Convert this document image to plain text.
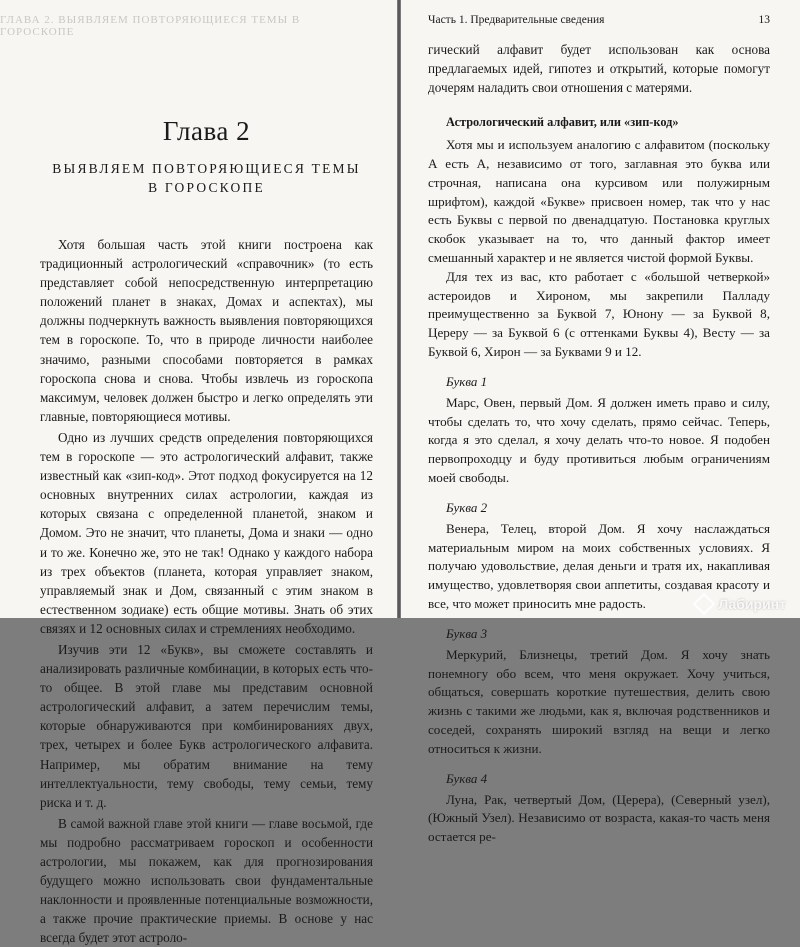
ГЛАВА 2. ВЫЯВЛЯЕМ ПОВТОРЯЮЩИЕСЯ ТЕМЫ В ГОРОСКОПЕ
Глава 2
ВЫЯВЛЯЕМ ПОВТОРЯЮЩИЕСЯ ТЕМЫ В ГОРОСКОПЕ

Хотя большая часть этой книги построена как традиционный астрологический «справочник» (то есть представляет собой непосредственную интерпретацию положений планет в знаках, Домах и аспектах), мы должны подчеркнуть важность выявления повторяющихся тем в гороскопе. То, что в природе личности наиболее значимо, разными способами повторяется в рамках гороскопа снова и снова. Чтобы извлечь из гороскопа максимум, человек должен быстро и легко определять эти главные, повторяющиеся мотивы.

Одно из лучших средств определения повторяющихся тем в гороскопе — это астрологический алфавит, также известный как «зип-код». Этот подход фокусируется на 12 основных внутренних силах астрологии, каждая из которых связана с определенной планетой, знаком и Домом. Это не значит, что планеты, Дома и знаки — одно и то же. Конечно же, это не так! Однако у каждого набора из трех объектов (планета, которая управляет знаком, управляемый знак и Дом, связанный с этим знаком в естественном зодиаке) есть общие мотивы. Знать об этих связях и 12 основных силах и стремлениях необходимо.

Изучив эти 12 «Букв», вы сможете составлять и анализировать различные комбинации, в которых есть что-то общее. В этой главе мы представим основной астрологический алфавит, а затем перечислим темы, которые обнаруживаются при комбинированиях двух, трех, четырех и более Букв астрологического алфавита. Например, мы обратим внимание на тему интеллектуальности, тему свободы, тему семьи, тему риска и т. д.

В самой важной главе этой книги — главе восьмой, где мы подробно рассматриваем гороскоп и особенности астрологии, мы покажем, как для прогнозирования будущего можно использовать свои фундаментальные наклонности и проявленные потенциальные возможности, а также прочие практические приемы. В основе у нас всегда будет этот астроло-

Часть 1. Предварительные сведения	13

гический алфавит будет использован как основа предлагаемых идей, гипотез и открытий, которые помогут дочерям наладить свои отношения с матерями.

Астрологический алфавит, или «зип-код»

Хотя мы и используем аналогию с алфавитом (поскольку А есть А, независимо от того, заглавная это буква или строчная, написана она курсивом или полужирным шрифтом), каждой «Букве» присвоен номер, так что у нас есть Буквы с первой по двенадцатую. Постановка круглых скобок указывает на то, что данный фактор имеет смешанный характер и не является чистой формой Буквы.

Для тех из вас, кто работает с «большой четверкой» астероидов и Хироном, мы закрепили Палладу преимущественно за Буквой 7, Юнону — за Буквой 8, Цереру — за Буквой 6 (с оттенками Буквы 4), Весту — за Буквой 6, Хирон — за Буквами 9 и 12.

Буква 1

Марс, Овен, первый Дом. Я должен иметь право и силу, чтобы сделать то, что хочу сделать, прямо сейчас. Теперь, когда я это сделал, я хочу делать что-то новое. Я подобен первопроходцу и буду противиться любым ограничениям моей свободы.

Буква 2

Венера, Телец, второй Дом. Я хочу наслаждаться материальным миром на моих собственных условиях. Я получаю удовольствие, делая деньги и тратя их, накапливая имущество, удовлетворяя свои аппетиты, создавая красоту и все, что может приносить мне радость.

Буква 3

Меркурий, Близнецы, третий Дом. Я хочу знать понемногу обо всем, что меня окружает. Хочу учиться, общаться, совершать короткие путешествия, делить свою жизнь с такими же людьми, как я, включая родственников и соседей, сохранять широкий взгляд на вещи и легко относиться к жизни.

Буква 4

Луна, Рак, четвертый Дом, (Церера), (Северный узел), (Южный Узел). Независимо от возраста, какая-то часть меня остается ре-

Лабиринт
